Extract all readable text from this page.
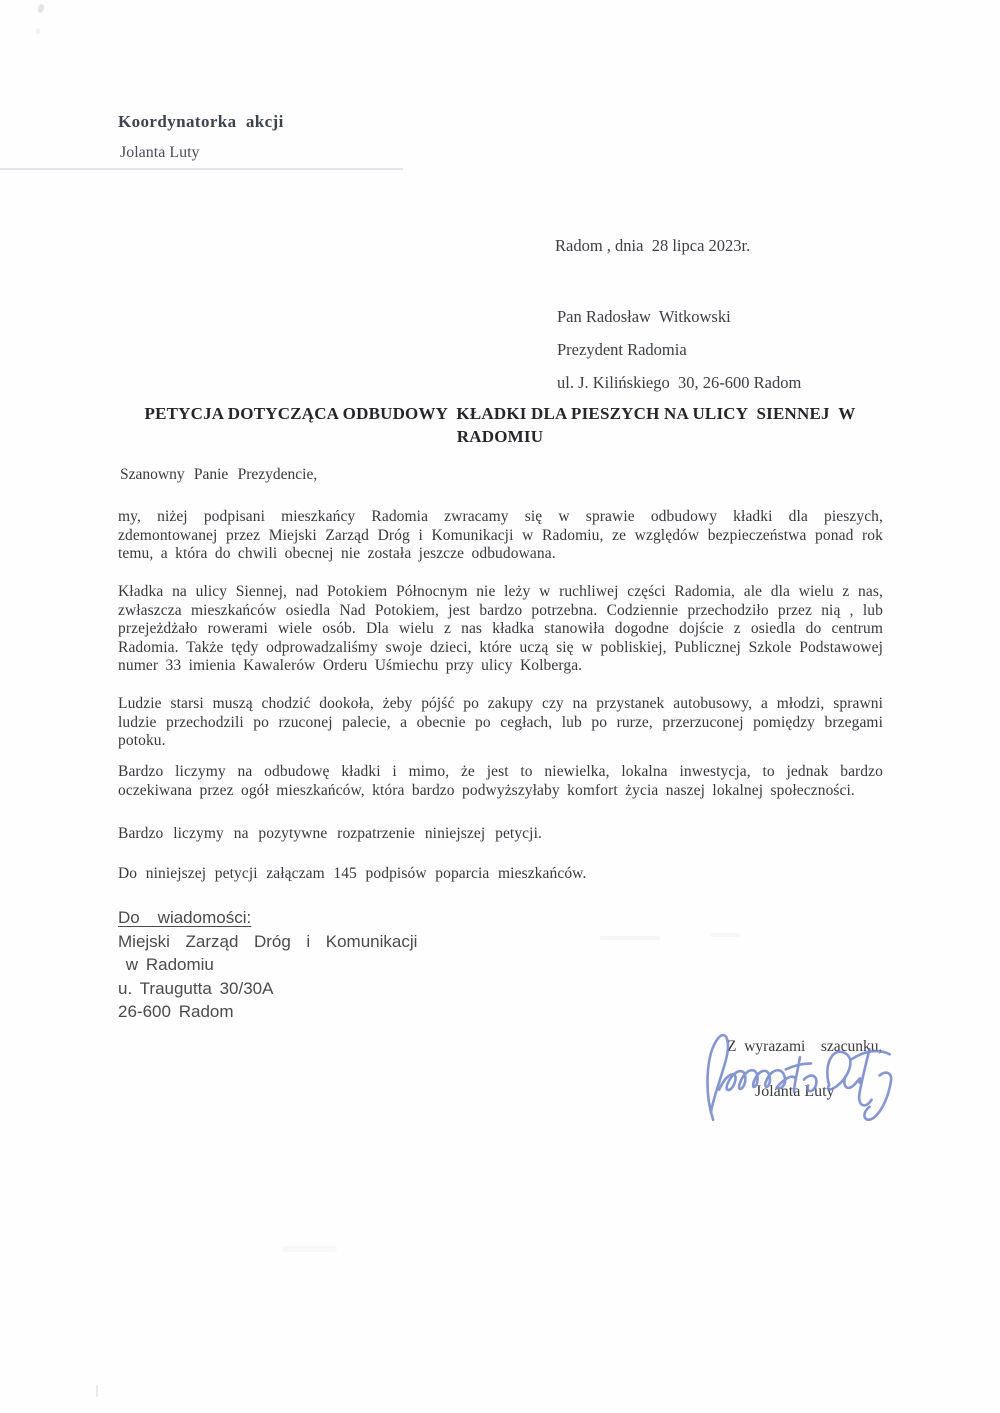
Koordynatorka  akcji
Jolanta Luty
Radom , dnia  28 lipca 2023r.
Pan Radosław  Witkowski
Prezydent Radomia
ul. J. Kilińskiego  30, 26-600 Radom
PETYCJA DOTYCZĄCA ODBUDOWY  KŁADKI DLA PIESZYCH NA ULICY  SIENNEJ  W RADOMIU
Szanowny Panie Prezydencie,

my, niżej podpisani mieszkańcy Radomia zwracamy się w sprawie odbudowy kładki dla pieszych, zdemontowanej przez Miejski Zarząd Dróg i Komunikacji w Radomiu, ze względów bezpieczeństwa ponad rok temu, a która do chwili obecnej nie została jeszcze odbudowana.

Kładka na ulicy Siennej, nad Potokiem Północnym nie leży w ruchliwej części Radomia, ale dla wielu z nas, zwłaszcza mieszkańców osiedla Nad Potokiem, jest bardzo potrzebna. Codziennie przechodziło przez nią , lub przejeżdżało rowerami wiele osób. Dla wielu z nas kładka stanowiła dogodne dojście z osiedla do centrum Radomia. Także tędy odprowadzaliśmy swoje dzieci, które uczą się w pobliskiej, Publicznej Szkole Podstawowej numer 33 imienia Kawalerów Orderu Uśmiechu przy ulicy Kolberga.

Ludzie starsi muszą chodzić dookoła, żeby pójść po zakupy czy na przystanek autobusowy, a młodzi, sprawni ludzie przechodzili po rzuconej palecie, a obecnie po cegłach, lub po rurze, przerzuconej pomiędzy brzegami potoku.

Bardzo liczymy na odbudowę kładki i mimo, że jest to niewielka, lokalna inwestycja, to jednak bardzo oczekiwana przez ogół mieszkańców, która bardzo podwyższyłaby komfort życia naszej lokalnej społeczności.

Bardzo liczymy na pozytywne rozpatrzenie niniejszej petycji.

Do niniejszej petycji załączam 145 podpisów poparcia mieszkańców.

Do  wiadomości:
Miejski  Zarząd  Dróg  i  Komunikacji
w Radomiu
u. Traugutta 30/30A
26-600 Radom
Z wyrazami  szacunku,
Jolanta Luty
